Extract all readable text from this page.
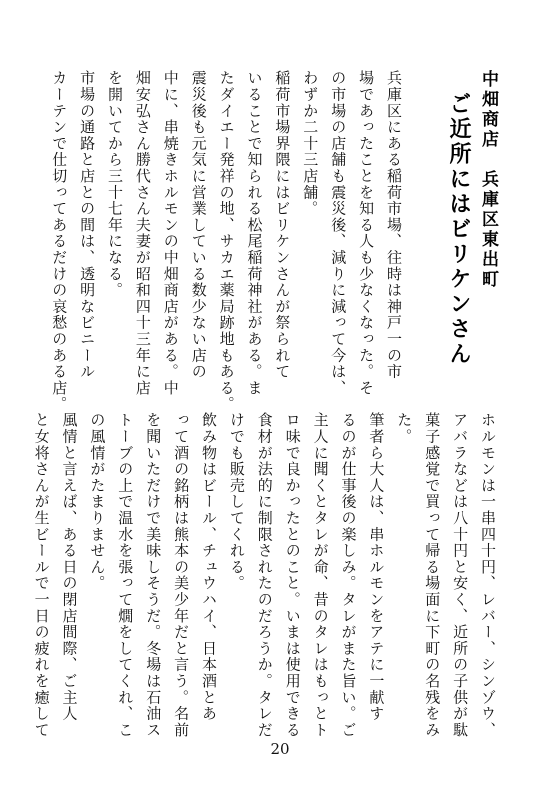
中畑商店　兵庫区東出町
ご近所にはビリケンさん
兵庫区にある稲荷市場、往時は神戸一の市
場であったことを知る人も少なくなった。そ
の市場の店舗も震災後、減りに減って今は、
わずか二十三店舗。
稲荷市場界隈にはビリケンさんが祭られて
いることで知られる松尾稲荷神社がある。ま
たダイエー発祥の地、サカエ薬局跡地もある。
震災後も元気に営業している数少ない店の
中に、串焼きホルモンの中畑商店がある。中
畑安弘さん勝代さん夫妻が昭和四十三年に店
を開いてから三十七年になる。
市場の通路と店との間は、透明なビニール
カーテンで仕切ってあるだけの哀愁のある店。
ホルモンは一串四十円、レバー、シンゾウ、
アバラなどは八十円と安く、近所の子供が駄
菓子感覚で買って帰る場面に下町の名残をみ
た。
筆者ら大人は、串ホルモンをアテに一献す
るのが仕事後の楽しみ。タレがまた旨い。ご
主人に聞くとタレが命、昔のタレはもっとト
ロ味で良かったとのこと。いまは使用できる
食材が法的に制限されたのだろうか。タレだ
けでも販売してくれる。
飲み物はビール、チュウハイ、日本酒とあ
って酒の銘柄は熊本の美少年だと言う。名前
を聞いただけで美味しそうだ。冬場は石油ス
トーブの上で温水を張って燗をしてくれ、こ
の風情がたまりません。
風情と言えば、ある日の閉店間際、ご主人
と女将さんが生ビールで一日の疲れを癒して
20
